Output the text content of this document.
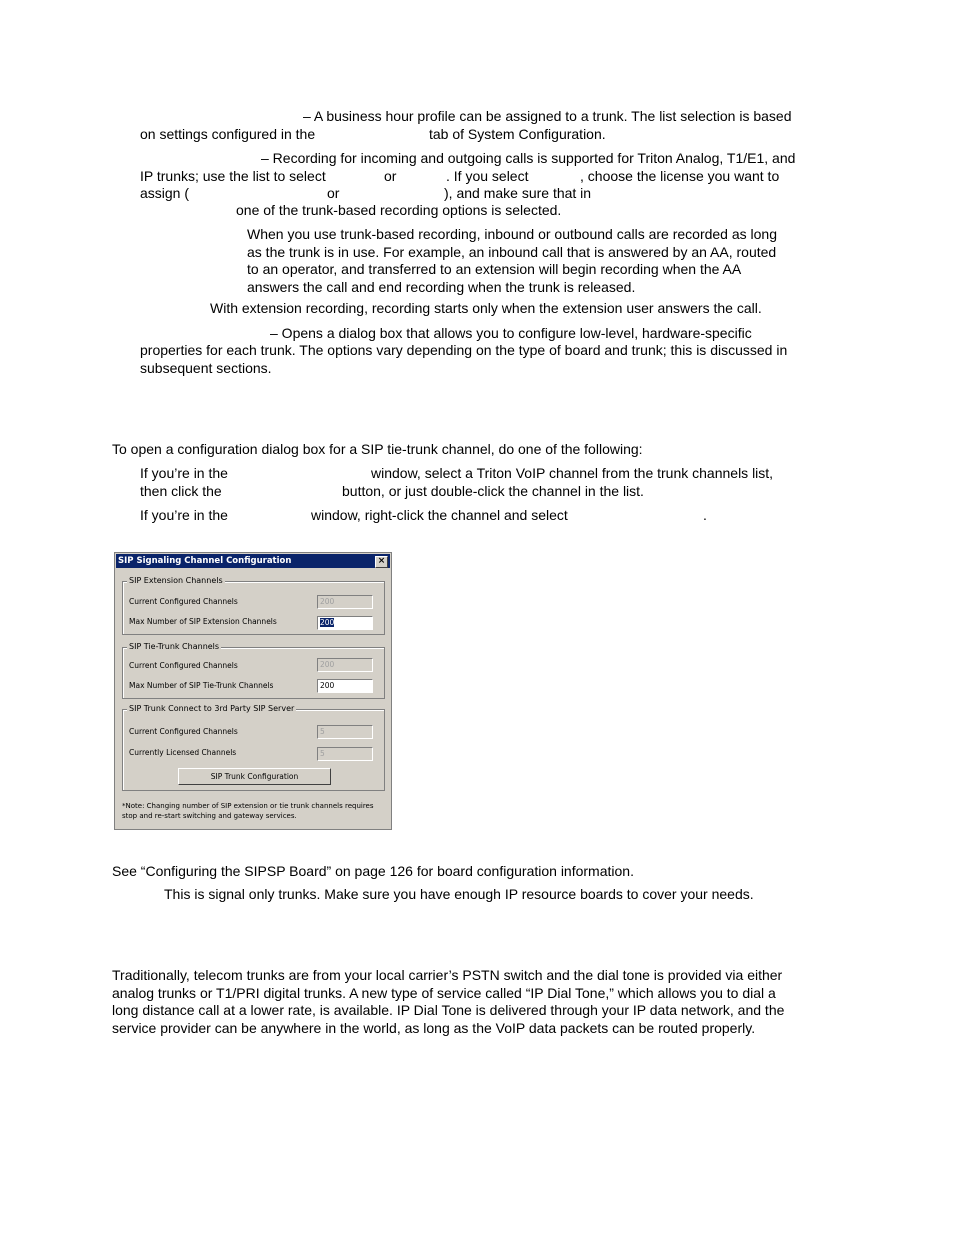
– A business hour profile can be assigned to a trunk. The list selection is based
on settings configured in the	tab of System Configuration.
– Recording for incoming and outgoing calls is supported for Triton Analog, T1/E1, and
IP trunks; use the list to select	or	. If you select	, choose the license you want to
assign (	or	), and make sure that in
one of the trunk-based recording options is selected.
When you use trunk-based recording, inbound or outbound calls are recorded as long as the trunk is in use. For example, an inbound call that is answered by an AA, routed to an operator, and transferred to an extension will begin recording when the AA answers the call and end recording when the trunk is released.
With extension recording, recording starts only when the extension user answers the call.
– Opens a dialog box that allows you to configure low-level, hardware-specific
properties for each trunk. The options vary depending on the type of board and trunk; this is discussed in
subsequent sections.
To open a configuration dialog box for a SIP tie-trunk channel, do one of the following:
If you’re in the	window, select a Triton VoIP channel from the trunk channels list,
then click the	button, or just double-click the channel in the list.
If you’re in the	window, right-click the channel and select	.
SIP Signaling Channel Configuration	×
SIP Extension Channels
Current Configured Channels	200
Max Number of SIP Extension Channels	200
SIP Tie-Trunk Channels
Current Configured Channels	200
Max Number of SIP Tie-Trunk Channels	200
SIP Trunk Connect to 3rd Party SIP Server
Current Configured Channels	5
Currently Licensed Channels	5
SIP Trunk Configuration
*Note: Changing number of SIP extension or tie trunk channels requires stop and re-start switching and gateway services.
See “Configuring the SIPSP Board” on page 126 for board configuration information.
This is signal only trunks. Make sure you have enough IP resource boards to cover your needs.
Traditionally, telecom trunks are from your local carrier’s PSTN switch and the dial tone is provided via either analog trunks or T1/PRI digital trunks. A new type of service called “IP Dial Tone,” which allows you to dial a long distance call at a lower rate, is available. IP Dial Tone is delivered through your IP data network, and the service provider can be anywhere in the world, as long as the VoIP data packets can be routed properly.
